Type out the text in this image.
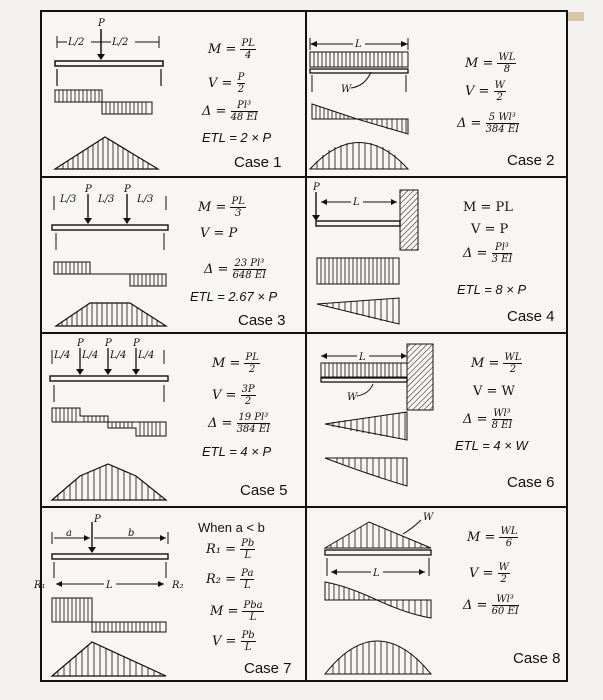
P
L/2	L/2	$M = \frac{PL}{4}$
$V = \frac{P}{2}$
$\Delta = \frac{\text{Pl³}}{48 EI}$
ETL = 2 × P
Case 1
L
W
$M = \frac{WL}{8}$
$V = \frac{W}{2}$
$\Delta = \frac{\text{5 Wl³}}{384 EI}$
Case 2
P	P
L/3 L/3 L/3
$M = \frac{PL}{3}$
V = P
$\Delta = \frac{\text{23 Pl³}}{648 EI}$
ETL = 2.67 × P
Case 3
P
L	M = PL
V = P
$\Delta = \frac{\text{Pl³}}{3 EI}$
ETL = 8 × P
Case 4
P P P
L/4 L/4 L/4 L/4
$M = \frac{PL}{2}$
$V = \frac{3P}{2}$
$\Delta = \frac{\text{19 Pl³}}{384 EI}$
ETL = 4 × P
Case 5
L
W
$M = \frac{WL}{2}$
V = W
$\Delta = \frac{\text{Wl³}}{8 EI}$
ETL = 4 × W
Case 6
P
a	b
L
R₁	R₂
When a < b
$R_1 = \frac{Pb}{L}$
$R_2 = \frac{Pa}{L}$
$M = \frac{\text{Pba}}{L}$
$V = \frac{Pb}{L}$
Case 7
W
L
$M = \frac{WL}{6}$
$V = \frac{W}{2}$
$\Delta = \frac{\text{Wl³}}{60 EI}$
Case 8
